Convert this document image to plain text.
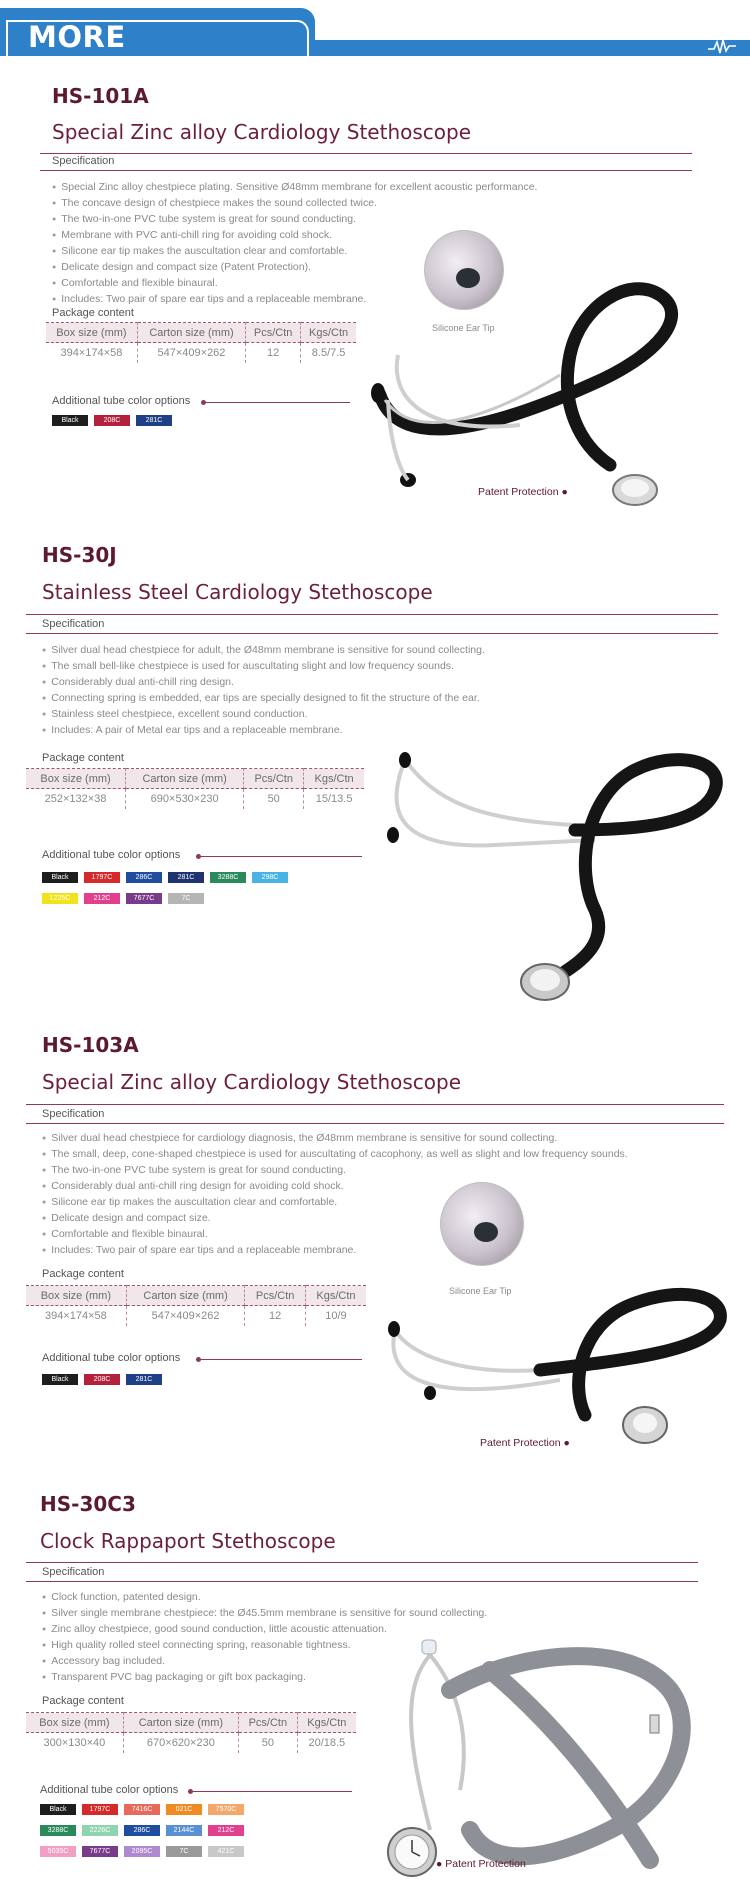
MORE PRODUCTS
HS-101A
Special Zinc alloy Cardiology Stethoscope
Specification
● Special Zinc alloy chestpiece plating. Sensitive Ø48mm membrane for excellent acoustic performance.
● The concave design of chestpiece makes the sound collected twice.
● The two-in-one PVC tube system is great for sound conducting.
● Membrane with PVC anti-chill ring for avoiding cold shock.
● Silicone ear tip makes the auscultation clear and comfortable.
● Delicate design and compact size (Patent Protection).
● Comfortable and flexible binaural.
● Includes: Two pair of spare ear tips and a replaceable membrane.
Package content
Box size (mm)	Carton size (mm)	Pcs/Ctn	Kgs/Ctn
394×174×58	547×409×262	12	8.5/7.5
Additional tube color options
Silicone Ear Tip
Patent Protection ●
HS-30J
Stainless Steel Cardiology Stethoscope
Specification
● Silver dual head chestpiece for adult, the Ø48mm membrane is sensitive for sound collecting.
● The small bell-like chestpiece is used for auscultating slight and low frequency sounds.
● Considerably dual anti-chill ring design.
● Connecting spring is embedded, ear tips are specially designed to fit the structure of the ear.
● Stainless steel chestpiece, excellent sound conduction.
● Includes: A pair of Metal ear tips and a replaceable membrane.
Package content
Box size (mm)	Carton size (mm)	Pcs/Ctn	Kgs/Ctn
252×132×38	690×530×230	50	15/13.5
Additional tube color options
HS-103A
Special Zinc alloy Cardiology Stethoscope
Specification
● Silver dual head chestpiece for cardiology diagnosis, the Ø48mm membrane is sensitive for sound collecting.
● The small, deep, cone-shaped chestpiece is used for auscultating of cacophony, as well as slight and low frequency sounds.
● The two-in-one PVC tube system is great for sound conducting.
● Considerably dual anti-chill ring design for avoiding cold shock.
● Silicone ear tip makes the auscultation clear and comfortable.
● Delicate design and compact size.
● Comfortable and flexible binaural.
● Includes: Two pair of spare ear tips and a replaceable membrane.
Package content
Box size (mm)	Carton size (mm)	Pcs/Ctn	Kgs/Ctn
394×174×58	547×409×262	12	10/9
Additional tube color options
Silicone Ear Tip
Patent Protection ●
HS-30C3
Clock Rappaport Stethoscope
Specification
● Clock function, patented design.
● Silver single membrane chestpiece: the Ø45.5mm membrane is sensitive for sound collecting.
● Zinc alloy chestpiece, good sound conduction, little acoustic attenuation.
● High quality rolled steel connecting spring, reasonable tightness.
● Accessory bag included.
● Transparent PVC bag packaging or gift box packaging.
Package content
Box size (mm)	Carton size (mm)	Pcs/Ctn	Kgs/Ctn
300×130×40	670×620×230	50	20/18.5
Additional tube color options
● Patent Protection
Black	208C	281C
Black	1797C	286C	281C	3288C	298C
1225C	212C	7677C	7C
Black	208C	281C
Black	1797C	7416C	021C	7570C
3288C	2226C	286C	2144C	212C
5035C	7677C	2095C	7C	421C
